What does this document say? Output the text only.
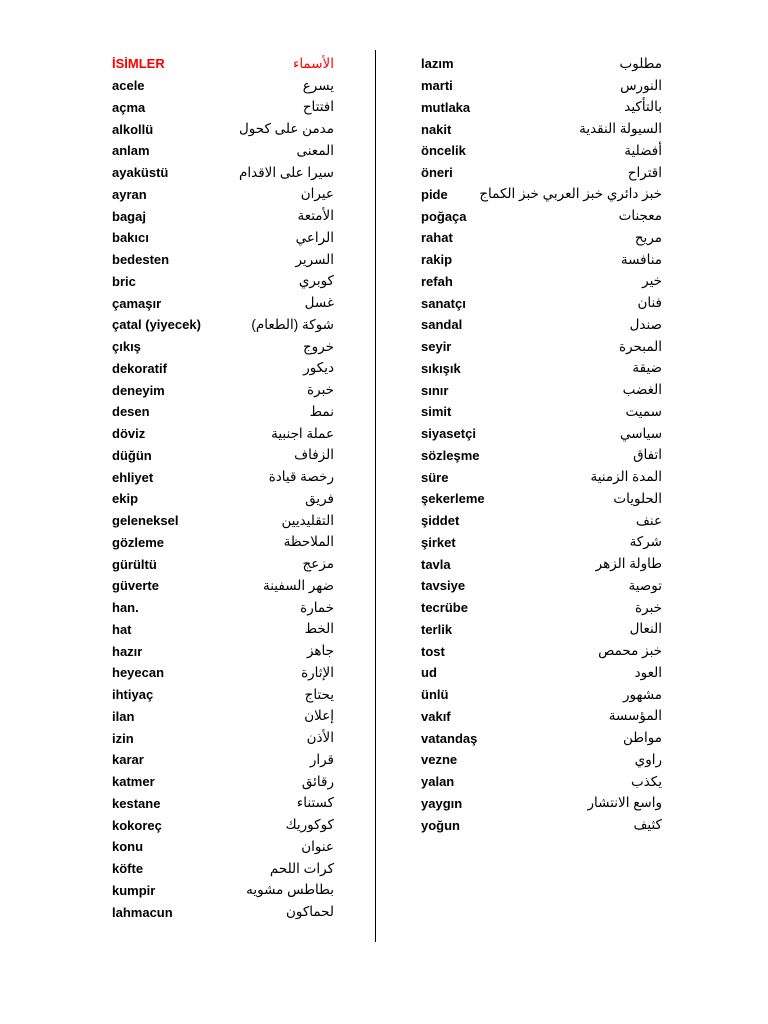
İSİMLER	الأسماء
acele	يسرع
açma	افتتاح
alkollü	مدمن على كحول
anlam	المعنى
ayaküstü	سيرا على الاقدام
ayran	عيران
bagaj	الأمتعة
bakıcı	الراعي
bedesten	السرير
bric	كوبري
çamaşır	غسل
çatal (yiyecek)	شوكة (الطعام)
çıkış	خروج
dekoratif	ديكور
deneyim	خبرة
desen	نمط
döviz	عملة اجنبية
düğün	الزفاف
ehliyet	رخصة قيادة
ekip	فريق
geleneksel	التقليديين
gözleme	الملاحظة
gürültü	مزعج
güverte	ضهر السفينة
han.	خمارة
hat	الخط
hazır	جاهز
heyecan	الإثارة
ihtiyaç	يحتاج
ilan	إعلان
izin	الأذن
karar	قرار
katmer	رقائق
kestane	كستناء
kokoreç	كوكوريك
konu	عنوان
köfte	كرات اللحم
kumpir	بطاطس مشويه
lahmacun	لحماكون
lazım	مطلوب
marti	النورس
mutlaka	بالتأكيد
nakit	السيولة النقدية
öncelik	أفضلية
öneri	اقتراح
pide خبز دائري خبز العربي خبز الكماج
poğaça	معجنات
rahat	مريح
rakip	منافسة
refah	خير
sanatçı	فنان
sandal	صندل
seyir	المبحرة
sıkışık	ضيقة
sınır	الغضب
simit	سميت
siyasetçi	سياسي
sözleşme	اتفاق
süre	المدة الزمنية
şekerleme	الحلويات
şiddet	عنف
şirket	شركة
tavla	طاولة الزهر
tavsiye	توصية
tecrübe	خبرة
terlik	النعال
tost	خبز محمص
ud	العود
ünlü	مشهور
vakıf	المؤسسة
vatandaş	مواطن
vezne	راوي
yalan	يكذب
yaygın	واسع الانتشار
yoğun	كثيف
